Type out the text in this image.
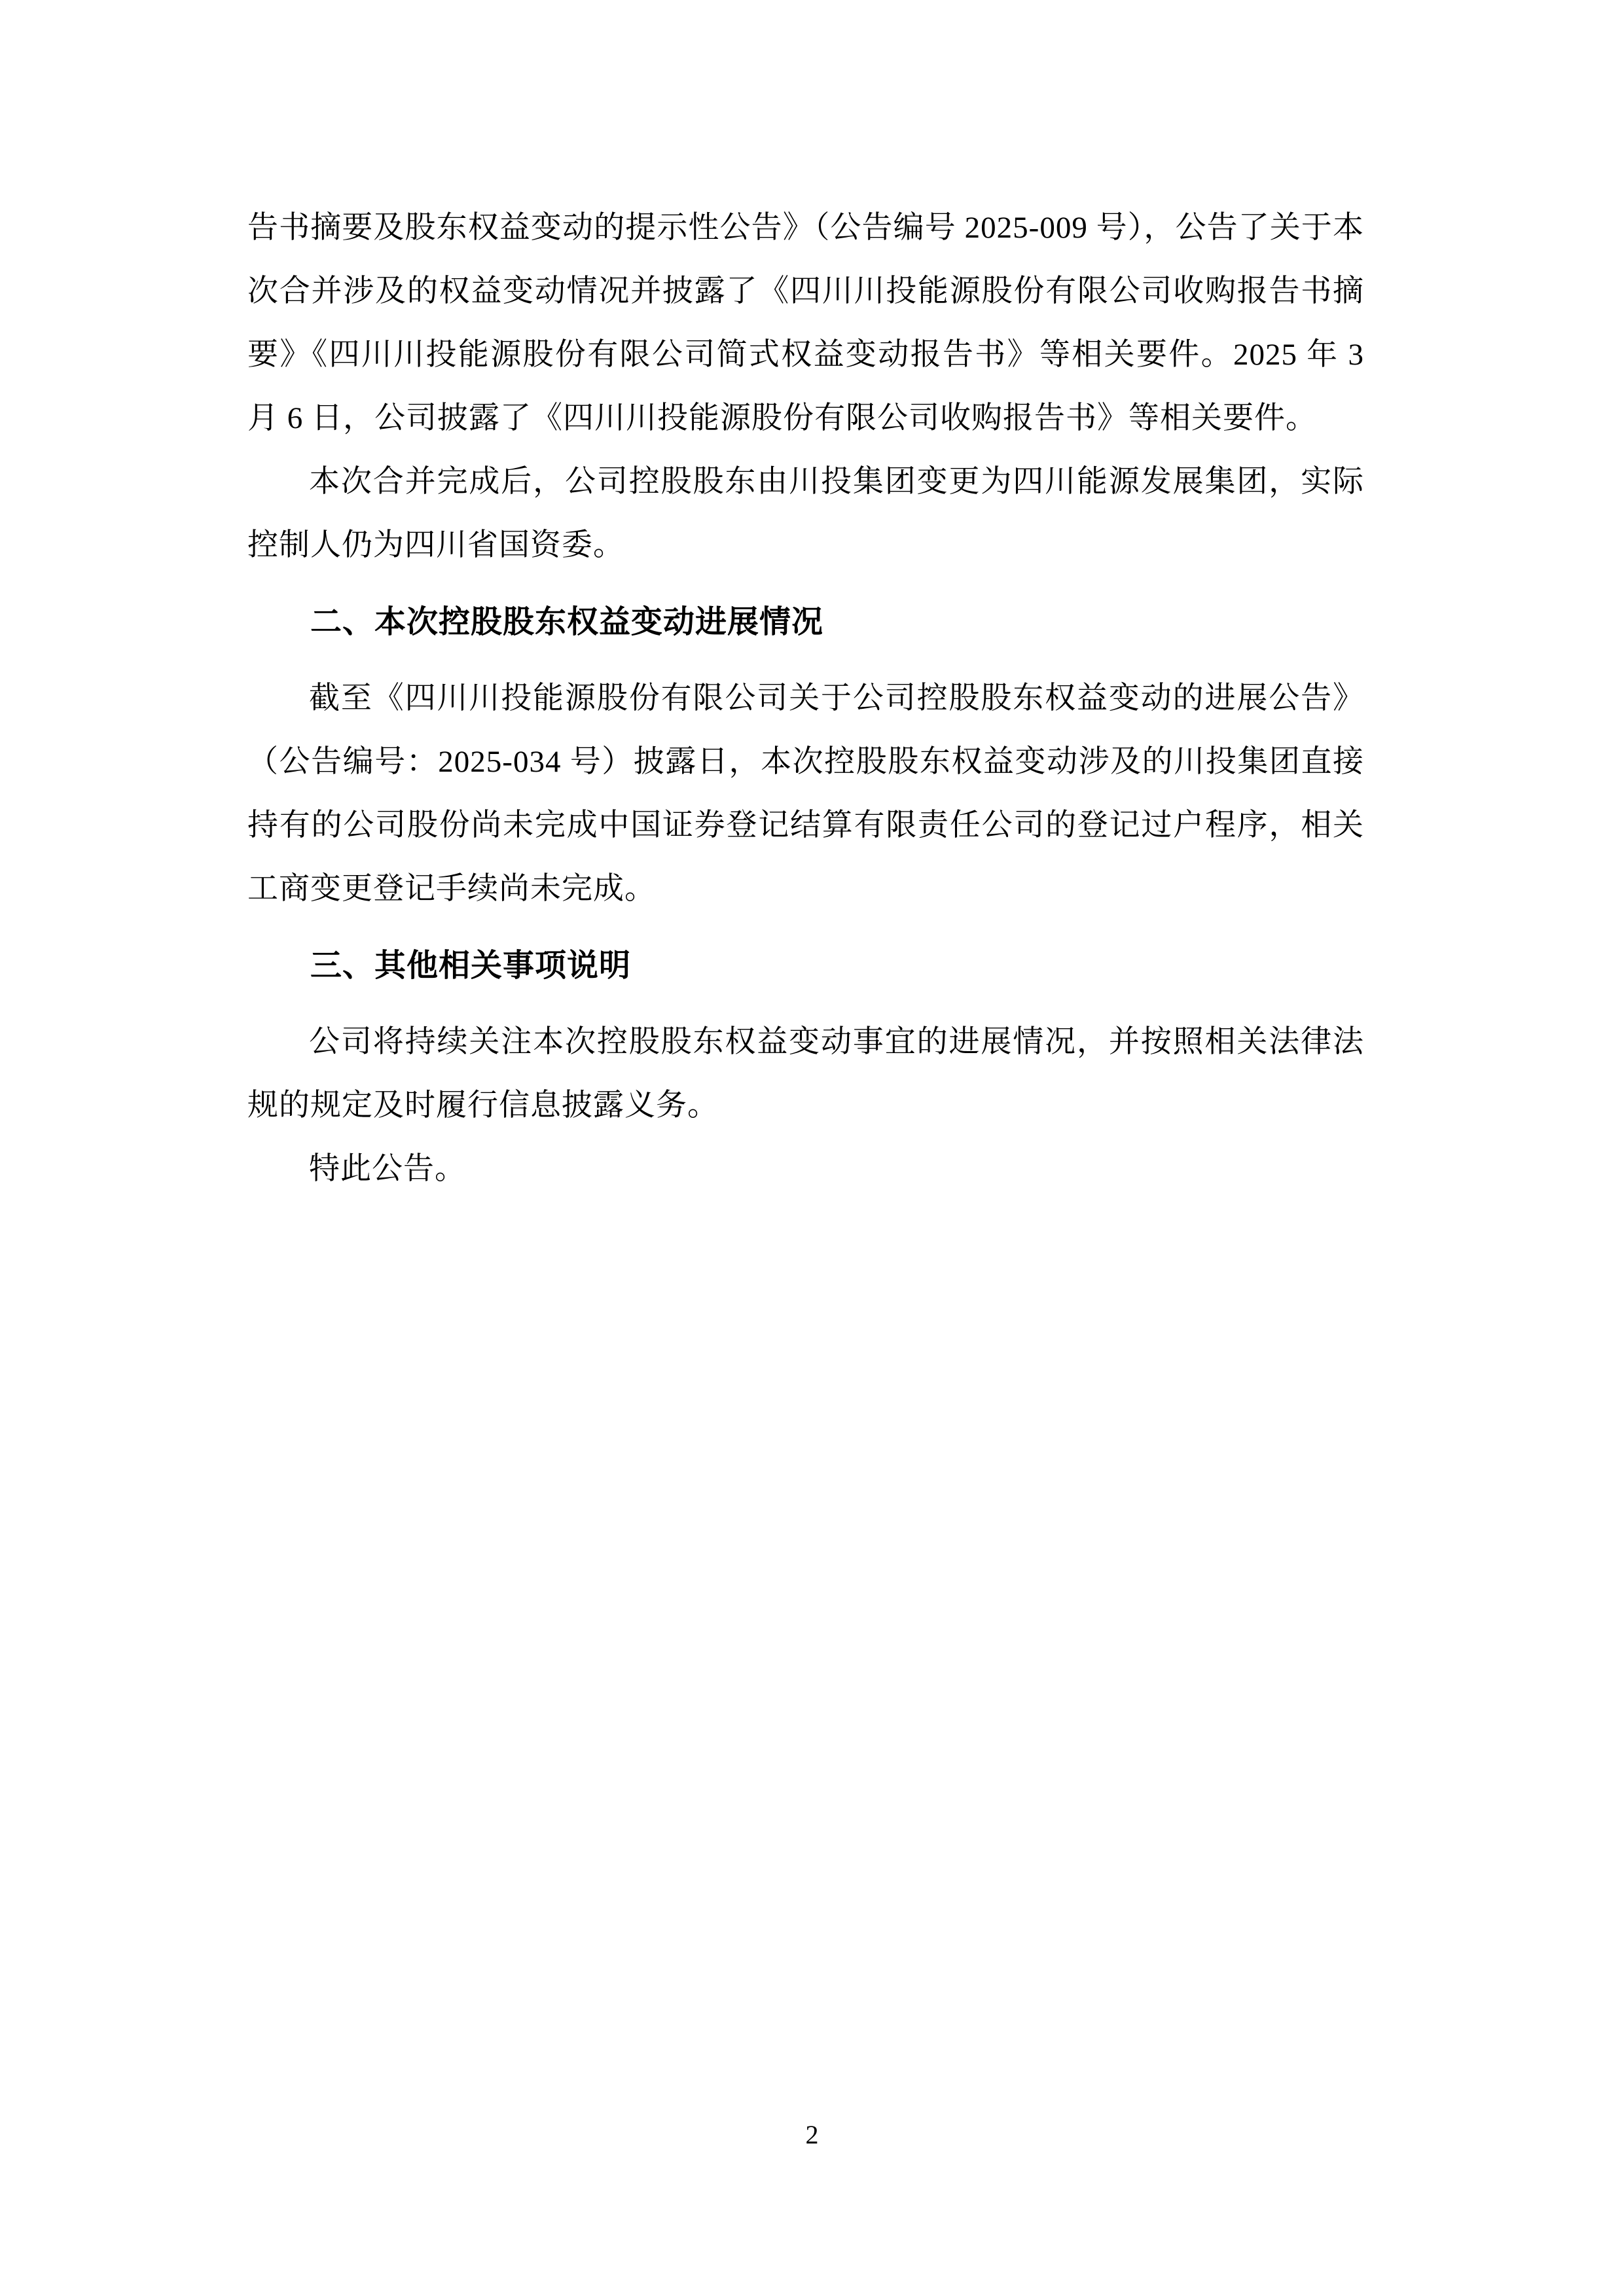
告书摘要及股东权益变动的提示性公告》（公告编号 2025-009 号），公告了关于本次合并涉及的权益变动情况并披露了《四川川投能源股份有限公司收购报告书摘要》《四川川投能源股份有限公司简式权益变动报告书》等相关要件。2025 年 3 月 6 日，公司披露了《四川川投能源股份有限公司收购报告书》等相关要件。

本次合并完成后，公司控股股东由川投集团变更为四川能源发展集团，实际控制人仍为四川省国资委。

二、本次控股股东权益变动进展情况

截至《四川川投能源股份有限公司关于公司控股股东权益变动的进展公告》（公告编号：2025-034 号）披露日，本次控股股东权益变动涉及的川投集团直接持有的公司股份尚未完成中国证券登记结算有限责任公司的登记过户程序，相关工商变更登记手续尚未完成。

三、其他相关事项说明

公司将持续关注本次控股股东权益变动事宜的进展情况，并按照相关法律法规的规定及时履行信息披露义务。

特此公告。

2
